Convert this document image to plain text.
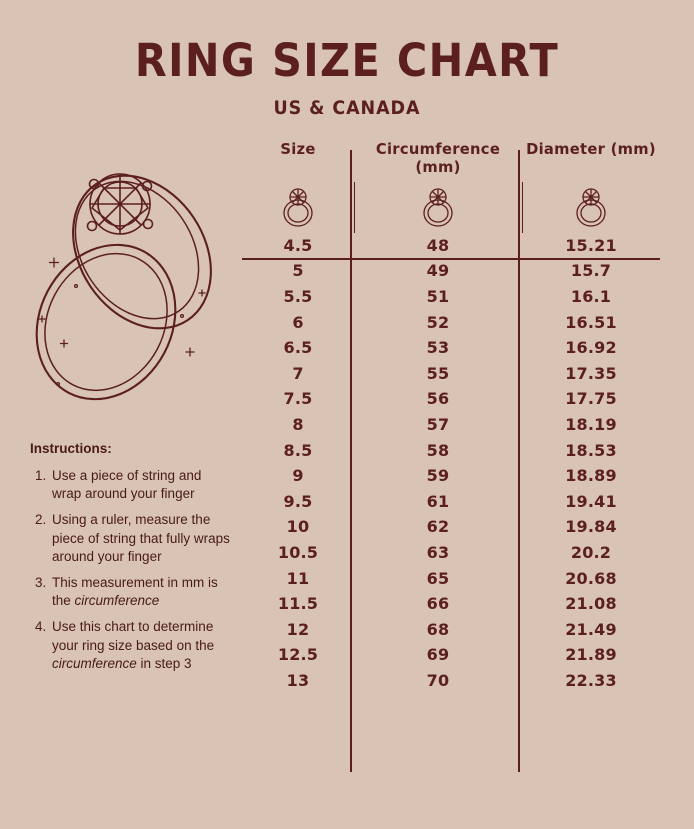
RING SIZE CHART
US & CANADA
Instructions:
1. Use a piece of string and wrap around your finger
2. Using a ruler, measure the piece of string that fully wraps around your finger
3. This measurement in mm is the circumference
4. Use this chart to determine your ring size based on the circumference in step 3
Size	Circumference (mm)	Diameter (mm)

4.5	48	15.21
5	49	15.7
5.5	51	16.1
6	52	16.51
6.5	53	16.92
7	55	17.35
7.5	56	17.75
8	57	18.19
8.5	58	18.53
9	59	18.89
9.5	61	19.41
10	62	19.84
10.5	63	20.2
11	65	20.68
11.5	66	21.08
12	68	21.49
12.5	69	21.89
13	70	22.33
